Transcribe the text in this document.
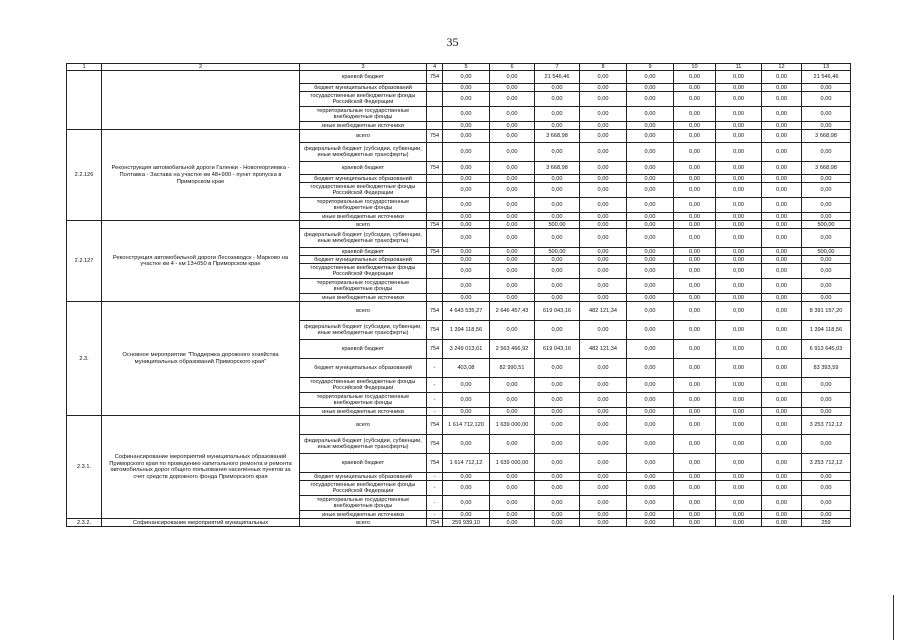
35
1	2	3	4	5	6	7	8	9	10	11	12	13
		краевой бюджет	754	0,00	0,00	21 546,46	0,00	0,00	0,00	0,00	0,00	21 546,46
		бюджет муниципальных образований		0,00	0,00	0,00	0,00	0,00	0,00	0,00	0,00	0,00
		государственные внебюджетные фонды Российской Федерации		0,00	0,00	0,00	0,00	0,00	0,00	0,00	0,00	0,00
		территориальные государственные внебюджетные фонды		0,00	0,00	0,00	0,00	0,00	0,00	0,00	0,00	0,00
		иные внебюджетные источники		0,00	0,00	0,00	0,00	0,00	0,00	0,00	0,00	0,00
2.2.126	Реконструкция автомобильной дороги Галенки - Новогеоргиевка - Полтавка - Застава на участке км 48+900 - пункт пропуска в Приморском крае	всего	754	0,00	0,00	3 668,98	0,00	0,00	0,00	0,00	0,00	3 668,98
		федеральный бюджет (субсидии, субвенции, иные межбюджетные трансферты)		0,00	0,00	0,00	0,00	0,00	0,00	0,00	0,00	0,00
		краевой бюджет	754	0,00	0,00	3 668,98	0,00	0,00	0,00	0,00	0,00	3 668,98
		бюджет муниципальных образований		0,00	0,00	0,00	0,00	0,00	0,00	0,00	0,00	0,00
		государственные внебюджетные фонды Российской Федерации		0,00	0,00	0,00	0,00	0,00	0,00	0,00	0,00	0,00
		территориальные государственные внебюджетные фонды		0,00	0,00	0,00	0,00	0,00	0,00	0,00	0,00	0,00
		иные внебюджетные источники		0,00	0,00	0,00	0,00	0,00	0,00	0,00	0,00	0,00
2.2.127	Реконструкция автомобильной дороги Лесозаводск - Марково на участке км 4 - км 13+050 в Приморском крае	всего	754	0,00	0,00	500,00	0,00	0,00	0,00	0,00	0,00	500,00
		федеральный бюджет (субсидии, субвенции, иные межбюджетные трансферты)		0,00	0,00	0,00	0,00	0,00	0,00	0,00	0,00	0,00
		краевой бюджет	754	0,00	0,00	500,00	0,00	0,00	0,00	0,00	0,00	500,00
		бюджет муниципальных образований		0,00	0,00	0,00	0,00	0,00	0,00	0,00	0,00	0,00
		государственные внебюджетные фонды Российской Федерации		0,00	0,00	0,00	0,00	0,00	0,00	0,00	0,00	0,00
		территориальные государственные внебюджетные фонды		0,00	0,00	0,00	0,00	0,00	0,00	0,00	0,00	0,00
		иные внебюджетные источники		0,00	0,00	0,00	0,00	0,00	0,00	0,00	0,00	0,00
2.3.	Основное мероприятие "Поддержка дорожного хозяйства муниципальных образований Приморского края"	всего	754	4 643 535,27	2 646 457,43	619 043,16	482 121,34	0,00	0,00	0,00	0,00	8 391 157,20
		федеральный бюджет (субсидии, субвенции, иные межбюджетные трансферты)	754	1 394 118,56	0,00	0,00	0,00	0,00	0,00	0,00	0,00	1 394 118,56
		краевой бюджет	754	3 249 013,61	2 563 466,92	619 043,16	482 121,34	0,00	0,00	0,00	0,00	6 913 645,03
		бюджет муниципальных образований	-	403,08	82 990,51	0,00	0,00	0,00	0,00	0,00	0,00	83 393,59
		государственные внебюджетные фонды Российской Федерации	-	0,00	0,00	0,00	0,00	0,00	0,00	0,00	0,00	0,00
		территориальные государственные внебюджетные фонды	-	0,00	0,00	0,00	0,00	0,00	0,00	0,00	0,00	0,00
		иные внебюджетные источники	-	0,00	0,00	0,00	0,00	0,00	0,00	0,00	0,00	0,00
2.3.1.	Софинансирование мероприятий муниципальных образований Приморского края по проведению капитального ремонта и ремонта автомобильных дорог общего пользования населенных пунктов за счет средств дорожного фонда Приморского края	всего	754	1 614 712,120	1 639 000,00	0,00	0,00	0,00	0,00	0,00	0,00	3 253 712,12
		федеральный бюджет (субсидии, субвенции, иные межбюджетные трансферты)	754	0,00	0,00	0,00	0,00	0,00	0,00	0,00	0,00	0,00
		краевой бюджет	754	1 614 712,12	1 639 000,00	0,00	0,00	0,00	0,00	0,00	0,00	3 253 712,12
		бюджет муниципальных образований	-	0,00	0,00	0,00	0,00	0,00	0,00	0,00	0,00	0,00
		государственные внебюджетные фонды Российской Федерации	-	0,00	0,00	0,00	0,00	0,00	0,00	0,00	0,00	0,00
		территориальные государственные внебюджетные фонды	-	0,00	0,00	0,00	0,00	0,00	0,00	0,00	0,00	0,00
		иные внебюджетные источники	-	0,00	0,00	0,00	0,00	0,00	0,00	0,00	0,00	0,00
2.3.2.	Софинансирование мероприятий муниципальных	всего	754	259 939,10	0,00	0,00	0,00	0,00	0,00	0,00	0,00	259
